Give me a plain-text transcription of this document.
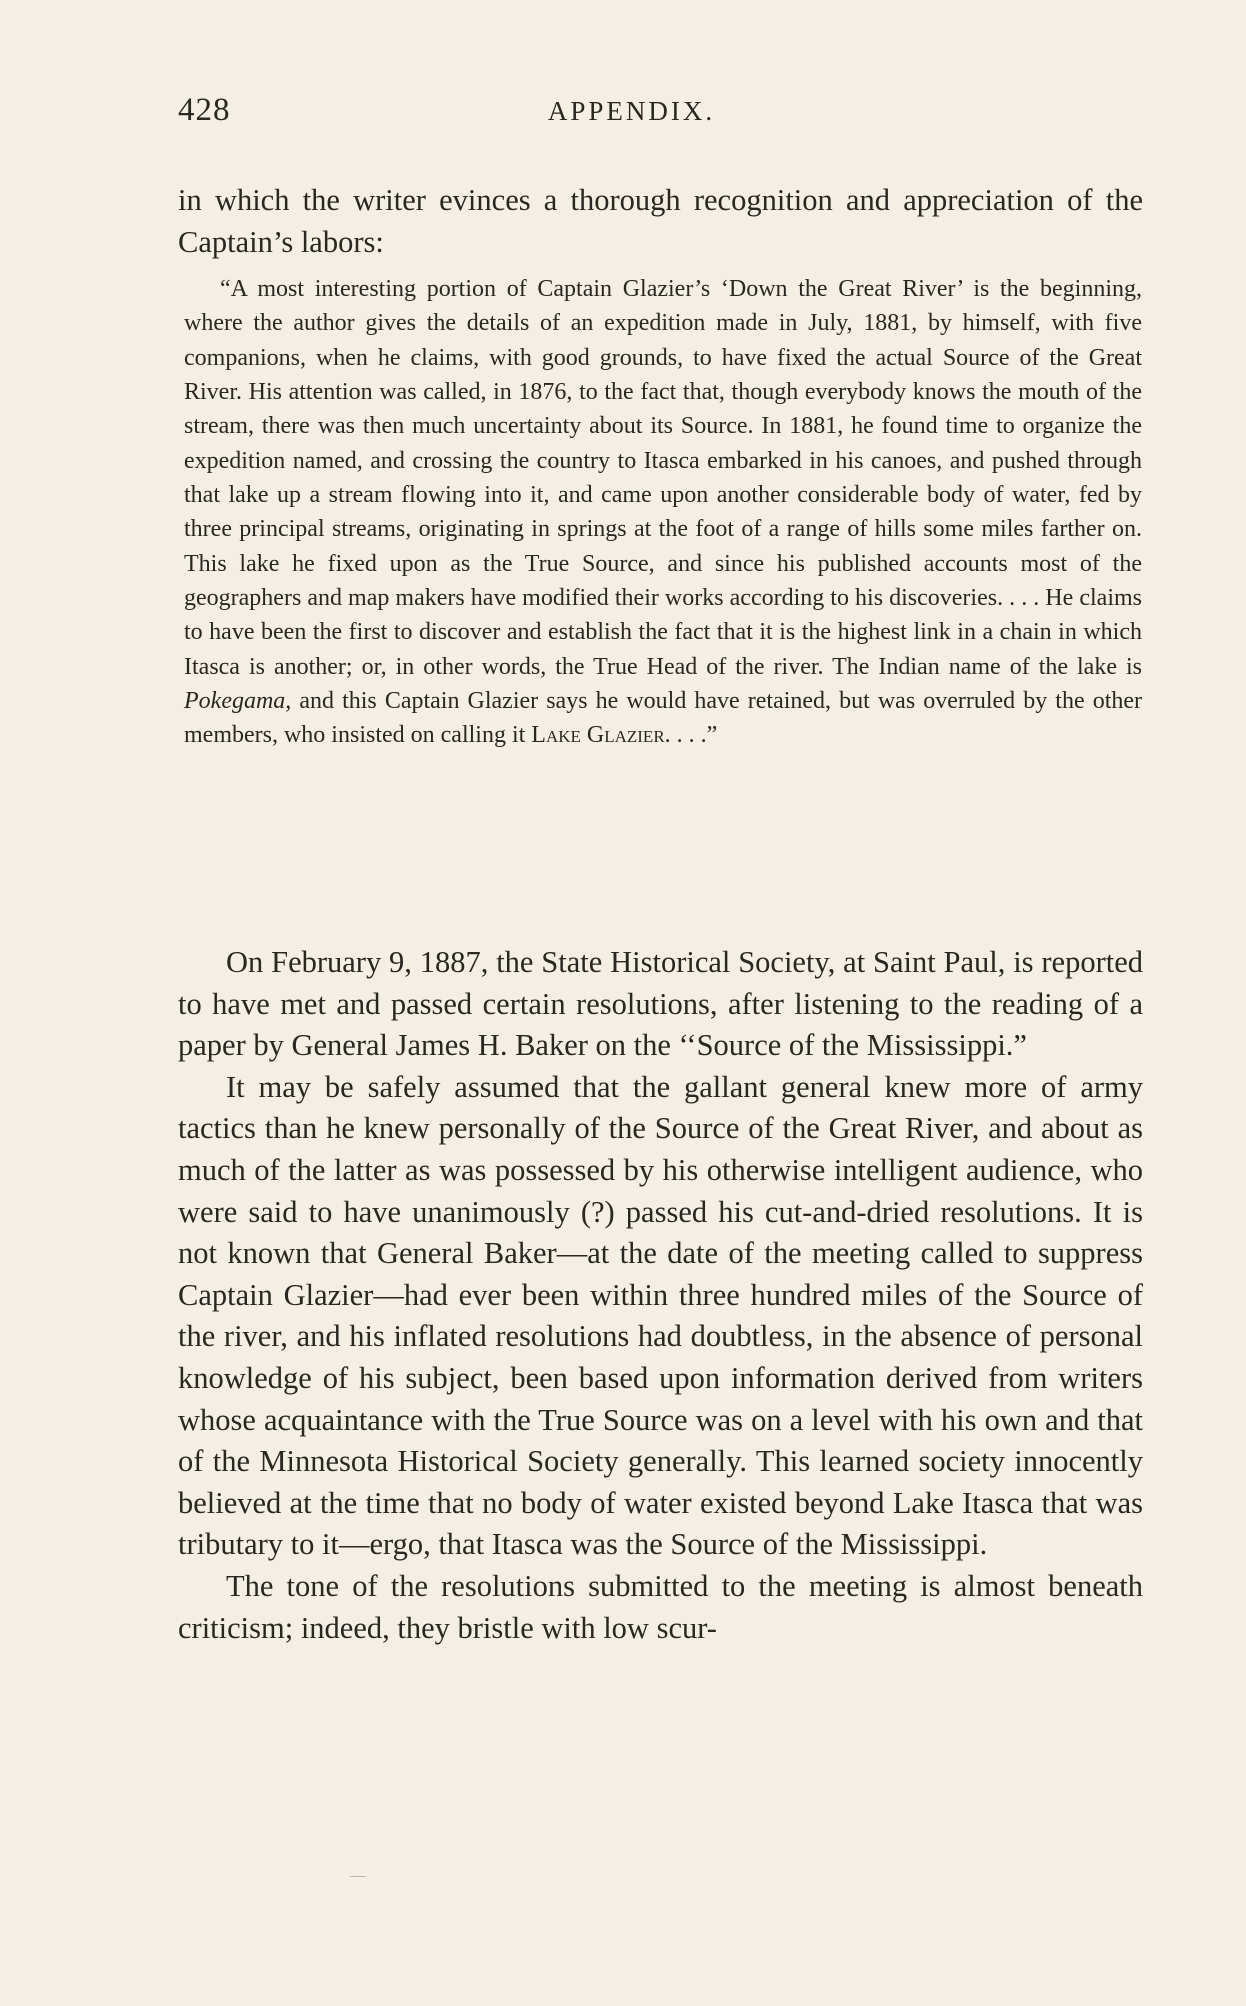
428	APPENDIX.

in which the writer evinces a thorough recognition and appreciation of the Captain’s labors:

“A most interesting portion of Captain Glazier’s ‘Down the Great River’ is the beginning, where the author gives the details of an expedition made in July, 1881, by himself, with five companions, when he claims, with good grounds, to have fixed the actual Source of the Great River. His attention was called, in 1876, to the fact that, though everybody knows the mouth of the stream, there was then much uncertainty about its Source. In 1881, he found time to organize the expedition named, and crossing the country to Itasca embarked in his canoes, and pushed through that lake up a stream flowing into it, and came upon another considerable body of water, fed by three principal streams, originating in springs at the foot of a range of hills some miles farther on. This lake he fixed upon as the True Source, and since his published accounts most of the geographers and map makers have modified their works according to his discoveries. . . . He claims to have been the first to discover and establish the fact that it is the highest link in a chain in which Itasca is another; or, in other words, the True Head of the river. The Indian name of the lake is Pokegama, and this Captain Glazier says he would have retained, but was overruled by the other members, who insisted on calling it Lake Glazier. . . .”

On February 9, 1887, the State Historical Society, at Saint Paul, is reported to have met and passed certain resolutions, after listening to the reading of a paper by General James H. Baker on the ‘‘Source of the Mississippi.”

It may be safely assumed that the gallant general knew more of army tactics than he knew personally of the Source of the Great River, and about as much of the latter as was possessed by his otherwise intelligent audience, who were said to have unanimously (?) passed his cut-and-dried resolutions. It is not known that General Baker—at the date of the meeting called to suppress Captain Glazier—had ever been within three hundred miles of the Source of the river, and his inflated resolutions had doubtless, in the absence of personal knowledge of his subject, been based upon information derived from writers whose acquaintance with the True Source was on a level with his own and that of the Minnesota Historical Society generally. This learned society innocently believed at the time that no body of water existed beyond Lake Itasca that was tributary to it—ergo, that Itasca was the Source of the Mississippi.

The tone of the resolutions submitted to the meeting is almost beneath criticism; indeed, they bristle with low scur-
